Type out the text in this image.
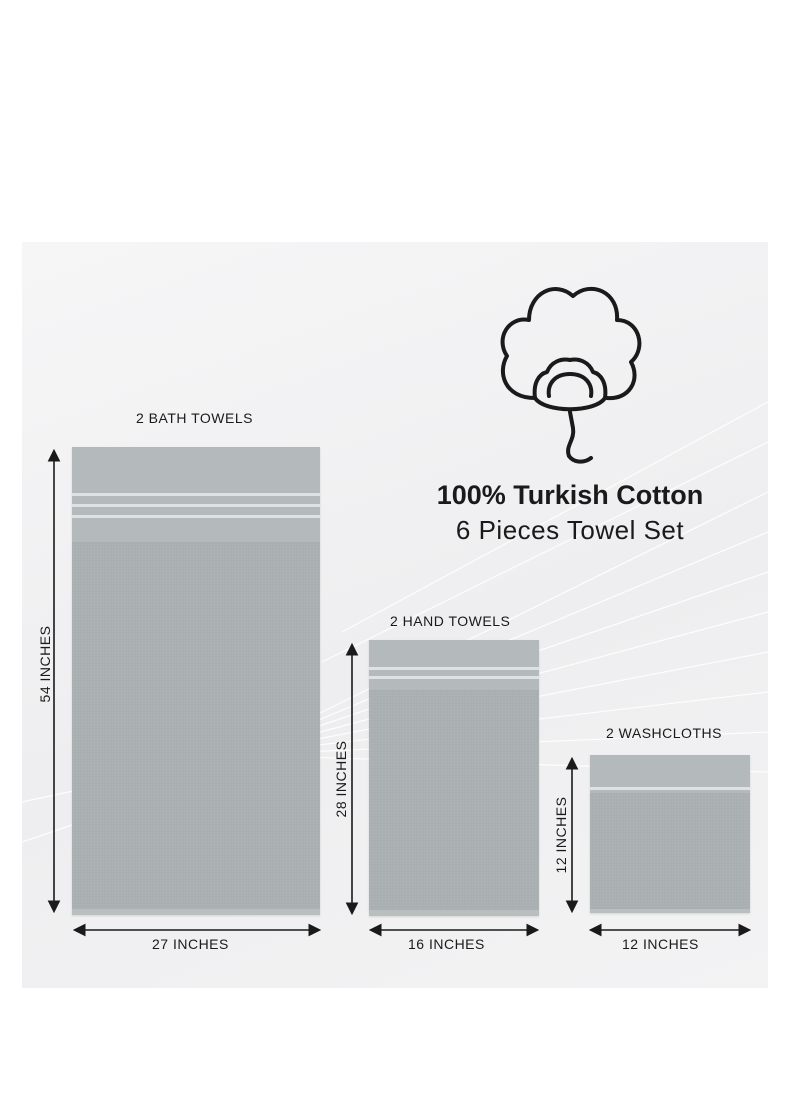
100% Turkish Cotton
6 Pieces Towel Set
2 BATH TOWELS
54 INCHES
27 INCHES
2 HAND TOWELS
28 INCHES
16 INCHES
2 WASHCLOTHS
12 INCHES
12 INCHES
